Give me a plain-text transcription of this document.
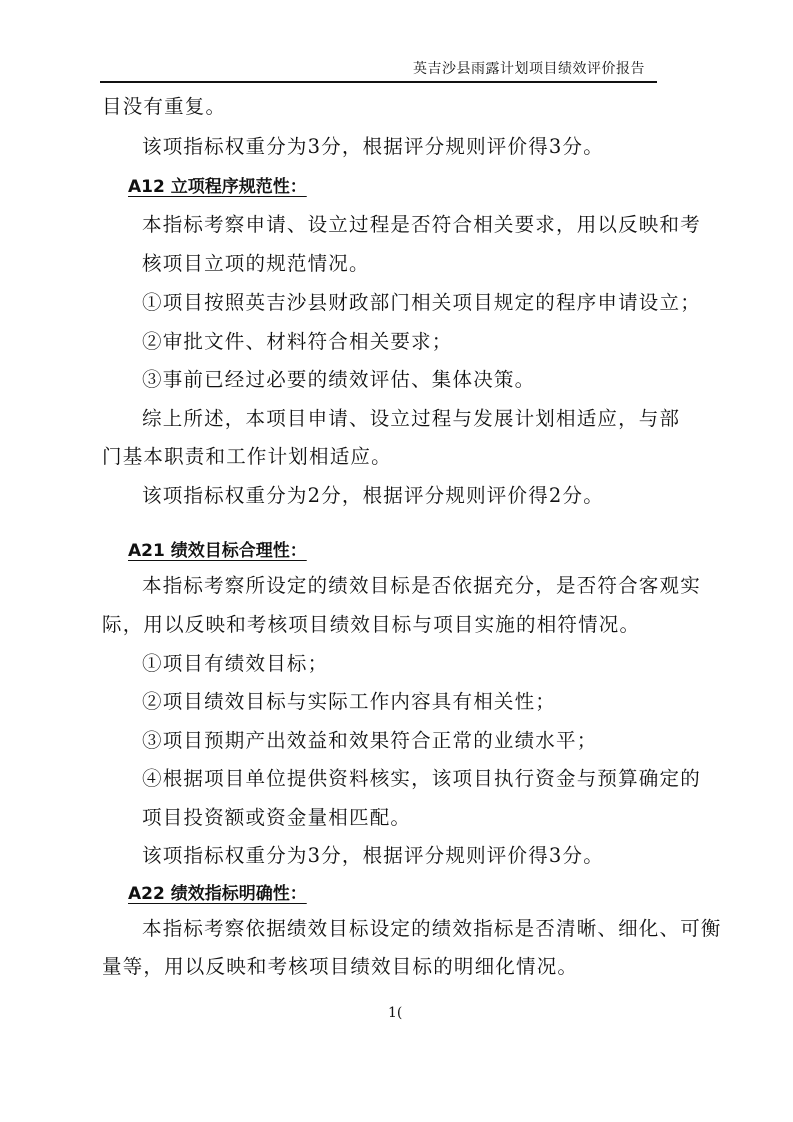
英吉沙县雨露计划项目绩效评价报告
目没有重复。
该项指标权重分为3分，根据评分规则评价得3分。
A12 立项程序规范性：
本指标考察申请、设立过程是否符合相关要求，用以反映和考
核项目立项的规范情况。
①项目按照英吉沙县财政部门相关项目规定的程序申请设立；
②审批文件、材料符合相关要求；
③事前已经过必要的绩效评估、集体决策。
综上所述，本项目申请、设立过程与发展计划相适应，与部
门基本职责和工作计划相适应。
该项指标权重分为2分，根据评分规则评价得2分。
A21 绩效目标合理性：
本指标考察所设定的绩效目标是否依据充分，是否符合客观实
际，用以反映和考核项目绩效目标与项目实施的相符情况。
①项目有绩效目标；
②项目绩效目标与实际工作内容具有相关性；
③项目预期产出效益和效果符合正常的业绩水平；
④根据项目单位提供资料核实，该项目执行资金与预算确定的
项目投资额或资金量相匹配。
该项指标权重分为3分，根据评分规则评价得3分。
A22 绩效指标明确性：
本指标考察依据绩效目标设定的绩效指标是否清晰、细化、可衡
量等，用以反映和考核项目绩效目标的明细化情况。
1(
